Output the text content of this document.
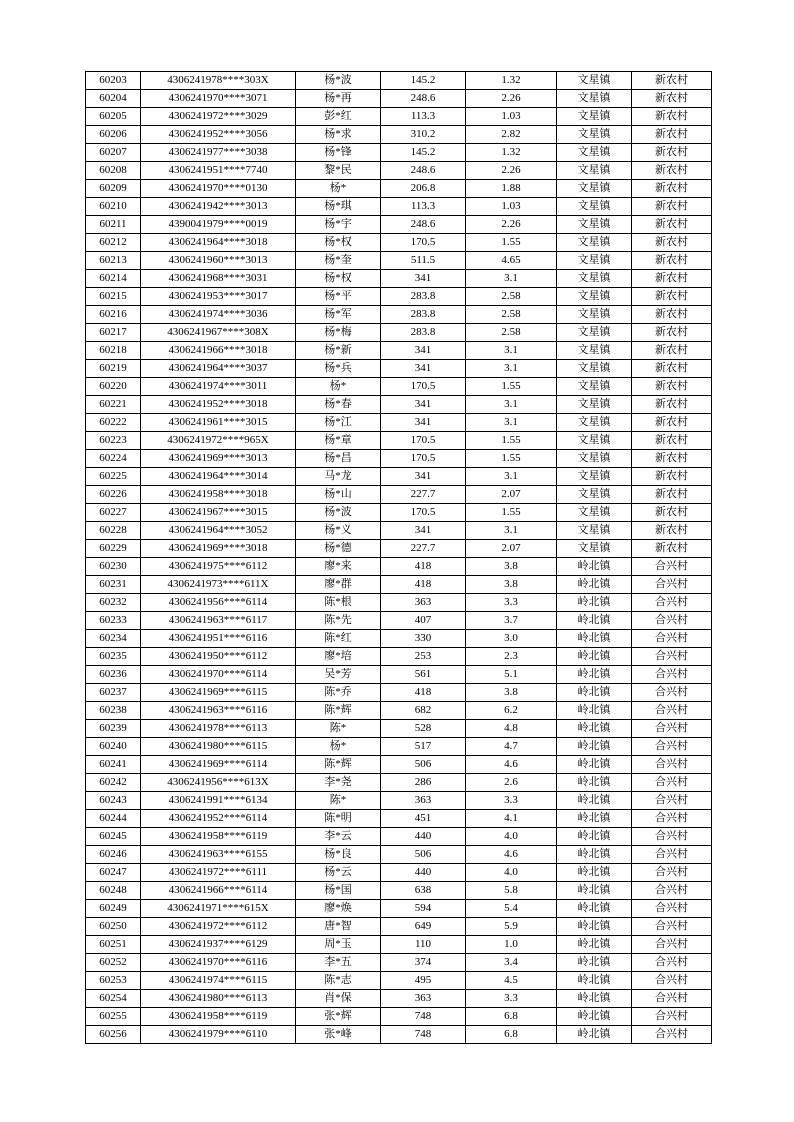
60203	4306241978****303X	杨*波	145.2	1.32	文星镇	新农村
60204	4306241970****3071	杨*再	248.6	2.26	文星镇	新农村
60205	4306241972****3029	彭*红	113.3	1.03	文星镇	新农村
60206	4306241952****3056	杨*求	310.2	2.82	文星镇	新农村
60207	4306241977****3038	杨*锋	145.2	1.32	文星镇	新农村
60208	4306241951****7740	黎*民	248.6	2.26	文星镇	新农村
60209	4306241970****0130	杨*	206.8	1.88	文星镇	新农村
60210	4306241942****3013	杨*琪	113.3	1.03	文星镇	新农村
60211	4390041979****0019	杨*宇	248.6	2.26	文星镇	新农村
60212	4306241964****3018	杨*权	170.5	1.55	文星镇	新农村
60213	4306241960****3013	杨*奎	511.5	4.65	文星镇	新农村
60214	4306241968****3031	杨*权	341	3.1	文星镇	新农村
60215	4306241953****3017	杨*平	283.8	2.58	文星镇	新农村
60216	4306241974****3036	杨*军	283.8	2.58	文星镇	新农村
60217	4306241967****308X	杨*梅	283.8	2.58	文星镇	新农村
60218	4306241966****3018	杨*新	341	3.1	文星镇	新农村
60219	4306241964****3037	杨*兵	341	3.1	文星镇	新农村
60220	4306241974****3011	杨*	170.5	1.55	文星镇	新农村
60221	4306241952****3018	杨*春	341	3.1	文星镇	新农村
60222	4306241961****3015	杨*江	341	3.1	文星镇	新农村
60223	4306241972****965X	杨*章	170.5	1.55	文星镇	新农村
60224	4306241969****3013	杨*昌	170.5	1.55	文星镇	新农村
60225	4306241964****3014	马*龙	341	3.1	文星镇	新农村
60226	4306241958****3018	杨*山	227.7	2.07	文星镇	新农村
60227	4306241967****3015	杨*波	170.5	1.55	文星镇	新农村
60228	4306241964****3052	杨*义	341	3.1	文星镇	新农村
60229	4306241969****3018	杨*德	227.7	2.07	文星镇	新农村
60230	4306241975****6112	廖*来	418	3.8	岭北镇	合兴村
60231	4306241973****611X	廖*群	418	3.8	岭北镇	合兴村
60232	4306241956****6114	陈*根	363	3.3	岭北镇	合兴村
60233	4306241963****6117	陈*先	407	3.7	岭北镇	合兴村
60234	4306241951****6116	陈*红	330	3.0	岭北镇	合兴村
60235	4306241950****6112	廖*培	253	2.3	岭北镇	合兴村
60236	4306241970****6114	吴*芳	561	5.1	岭北镇	合兴村
60237	4306241969****6115	陈*乔	418	3.8	岭北镇	合兴村
60238	4306241963****6116	陈*辉	682	6.2	岭北镇	合兴村
60239	4306241978****6113	陈*	528	4.8	岭北镇	合兴村
60240	4306241980****6115	杨*	517	4.7	岭北镇	合兴村
60241	4306241969****6114	陈*辉	506	4.6	岭北镇	合兴村
60242	4306241956****613X	李*尧	286	2.6	岭北镇	合兴村
60243	4306241991****6134	陈*	363	3.3	岭北镇	合兴村
60244	4306241952****6114	陈*明	451	4.1	岭北镇	合兴村
60245	4306241958****6119	李*云	440	4.0	岭北镇	合兴村
60246	4306241963****6155	杨*良	506	4.6	岭北镇	合兴村
60247	4306241972****6111	杨*云	440	4.0	岭北镇	合兴村
60248	4306241966****6114	杨*国	638	5.8	岭北镇	合兴村
60249	4306241971****615X	廖*焕	594	5.4	岭北镇	合兴村
60250	4306241972****6112	唐*智	649	5.9	岭北镇	合兴村
60251	4306241937****6129	周*玉	110	1.0	岭北镇	合兴村
60252	4306241970****6116	李*五	374	3.4	岭北镇	合兴村
60253	4306241974****6115	陈*志	495	4.5	岭北镇	合兴村
60254	4306241980****6113	肖*保	363	3.3	岭北镇	合兴村
60255	4306241958****6119	张*辉	748	6.8	岭北镇	合兴村
60256	4306241979****6110	张*峰	748	6.8	岭北镇	合兴村
